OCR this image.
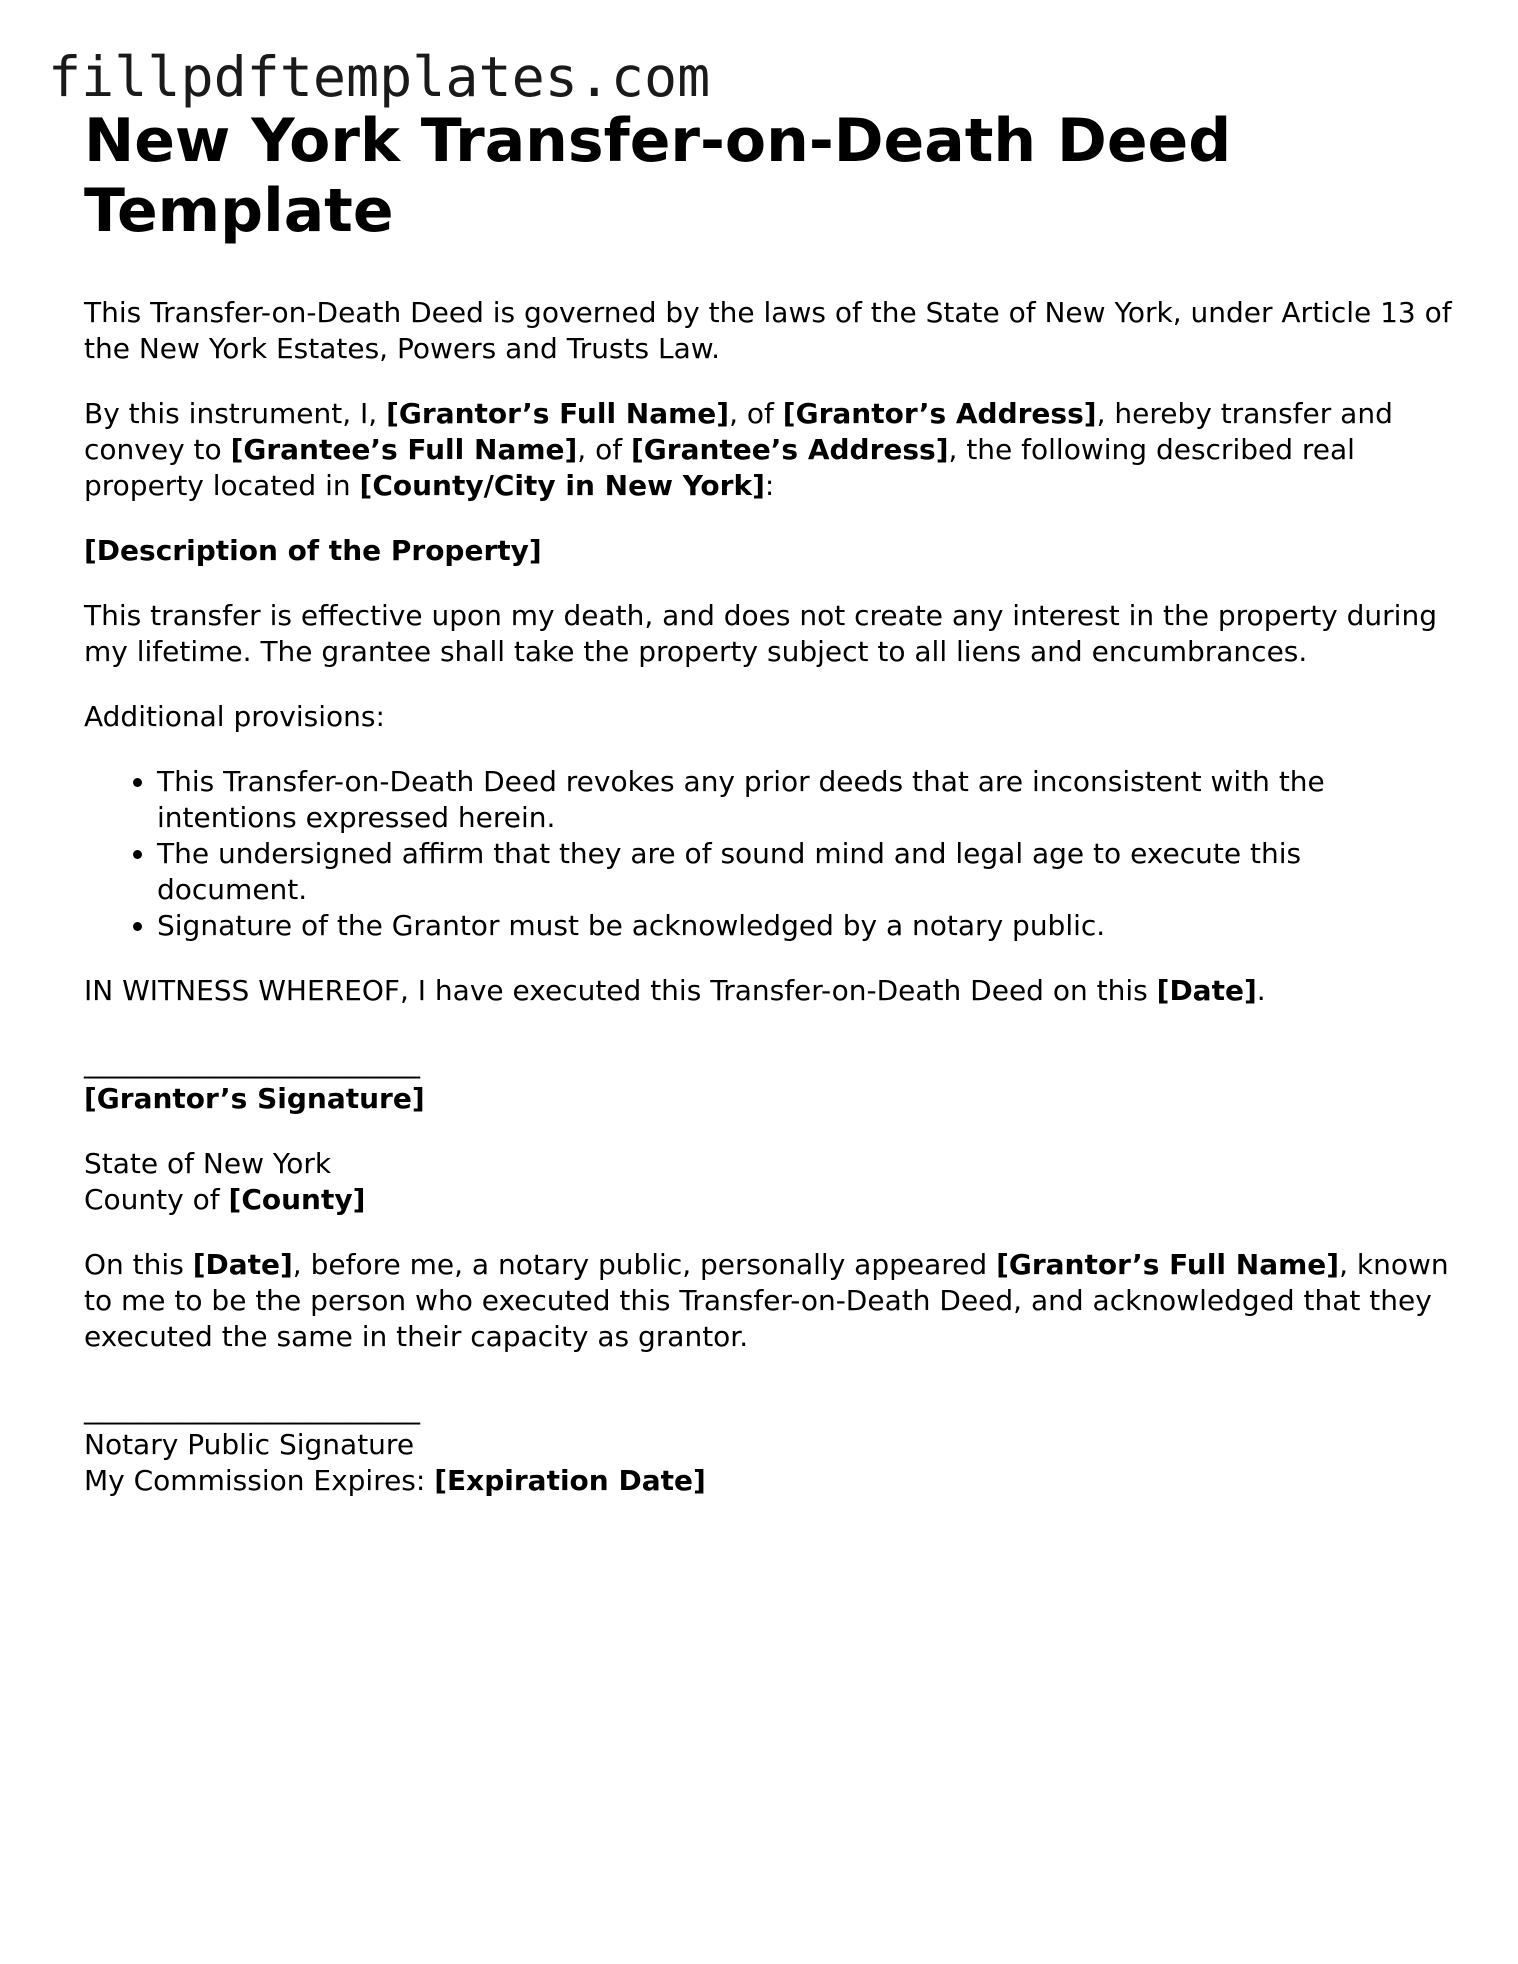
fillpdftemplates.com

New York Transfer-on-Death Deed Template

This Transfer-on-Death Deed is governed by the laws of the State of New York, under Article 13 of the New York Estates, Powers and Trusts Law.

By this instrument, I, [Grantor’s Full Name], of [Grantor’s Address], hereby transfer and convey to [Grantee’s Full Name], of [Grantee’s Address], the following described real property located in [County/City in New York]:

[Description of the Property]

This transfer is effective upon my death, and does not create any interest in the property during my lifetime. The grantee shall take the property subject to all liens and encumbrances.

Additional provisions:

• This Transfer-on-Death Deed revokes any prior deeds that are inconsistent with the intentions expressed herein.
• The undersigned affirm that they are of sound mind and legal age to execute this document.
• Signature of the Grantor must be acknowledged by a notary public.

IN WITNESS WHEREOF, I have executed this Transfer-on-Death Deed on this [Date].

________________________

[Grantor’s Signature]

State of New York

County of [County]

On this [Date], before me, a notary public, personally appeared [Grantor’s Full Name], known to me to be the person who executed this Transfer-on-Death Deed, and acknowledged that they executed the same in their capacity as grantor.

________________________

Notary Public Signature

My Commission Expires: [Expiration Date]
